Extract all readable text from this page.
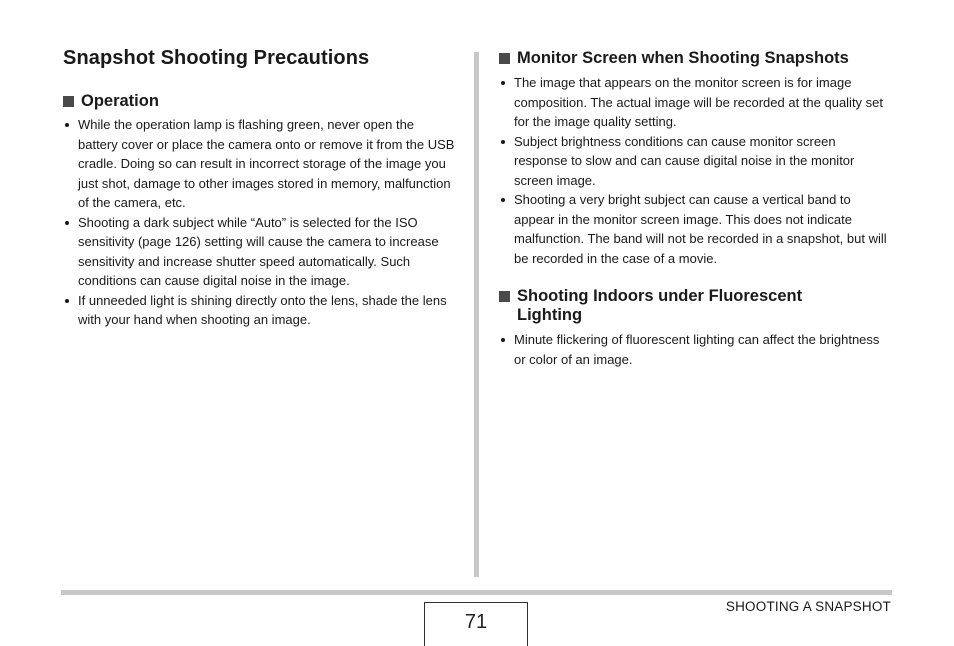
Snapshot Shooting Precautions
Operation
While the operation lamp is flashing green, never open the battery cover or place the camera onto or remove it from the USB cradle. Doing so can result in incorrect storage of the image you just shot, damage to other images stored in memory, malfunction of the camera, etc.
Shooting a dark subject while “Auto” is selected for the ISO sensitivity (page 126) setting will cause the camera to increase sensitivity and increase shutter speed automatically. Such conditions can cause digital noise in the image.
If unneeded light is shining directly onto the lens, shade the lens with your hand when shooting an image.
Monitor Screen when Shooting Snapshots
The image that appears on the monitor screen is for image composition. The actual image will be recorded at the quality set for the image quality setting.
Subject brightness conditions can cause monitor screen response to slow and can cause digital noise in the monitor screen image.
Shooting a very bright subject can cause a vertical band to appear in the monitor screen image. This does not indicate malfunction. The band will not be recorded in a snapshot, but will be recorded in the case of a movie.
Shooting Indoors under Fluorescent Lighting
Minute flickering of fluorescent lighting can affect the brightness or color of an image.
71
SHOOTING A SNAPSHOT
